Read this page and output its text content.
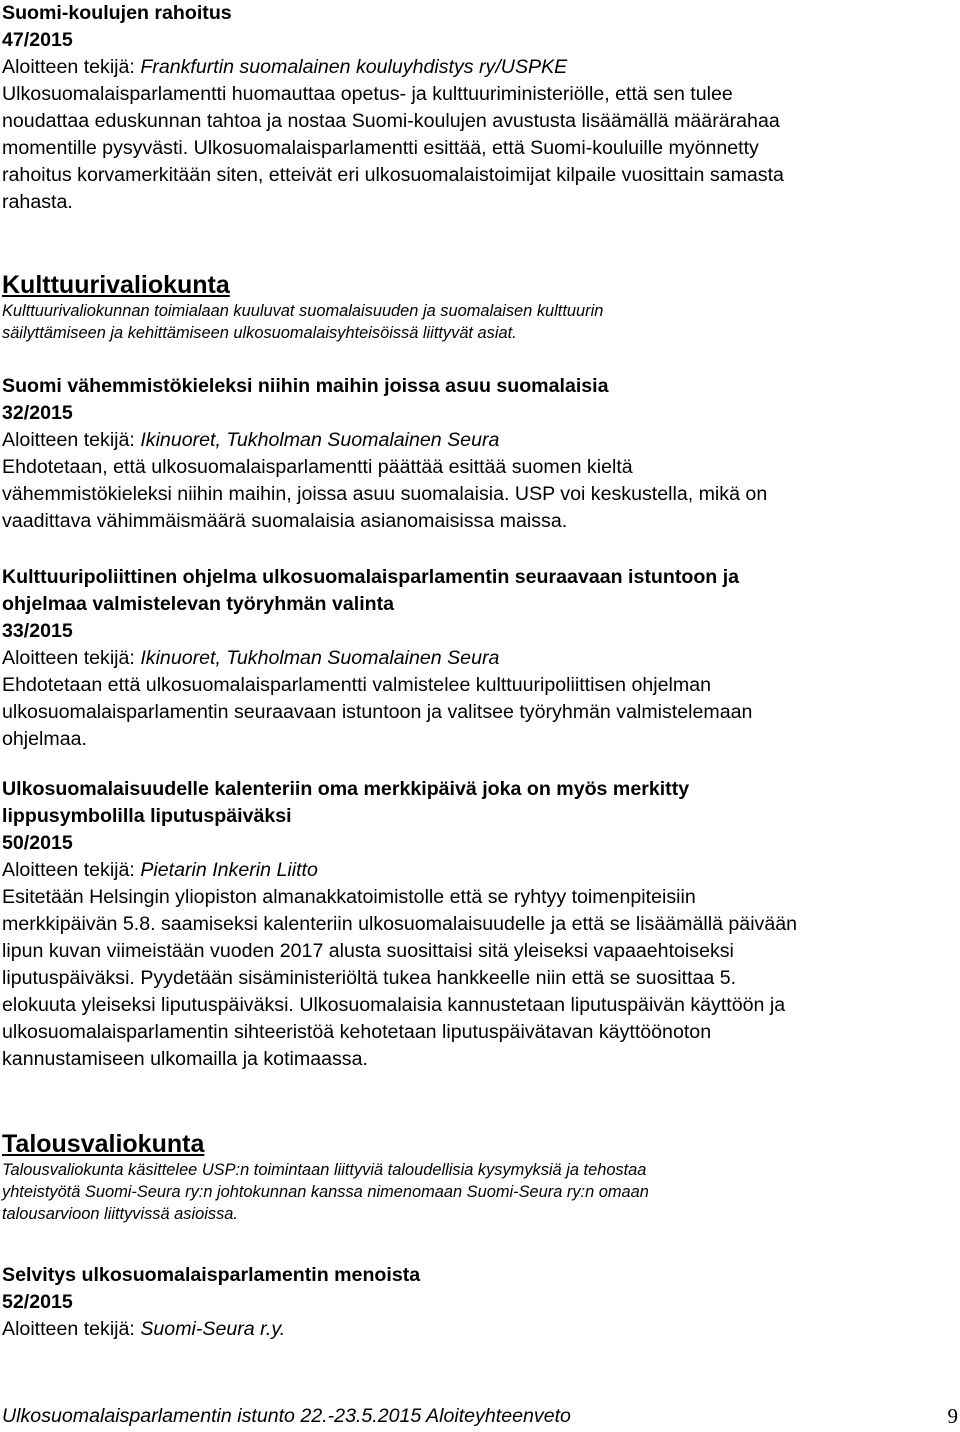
Suomi-koulujen rahoitus
47/2015
Aloitteen tekijä: Frankfurtin suomalainen kouluyhdistys ry/USPKE
Ulkosuomalaisparlamentti huomauttaa opetus- ja kulttuuriministeriölle, että sen tulee
noudattaa eduskunnan tahtoa ja nostaa Suomi-koulujen avustusta lisäämällä määrärahaa
momentille pysyvästi. Ulkosuomalaisparlamentti esittää, että Suomi-kouluille myönnetty
rahoitus korvamerkitään siten, etteivät eri ulkosuomalaistoimijat kilpaile vuosittain samasta
rahasta.
Kulttuurivaliokunta
Kulttuurivaliokunnan toimialaan kuuluvat suomalaisuuden ja suomalaisen kulttuurin
säilyttämiseen ja kehittämiseen ulkosuomalaisyhteisöissä liittyvät asiat.
Suomi vähemmistökieleksi niihin maihin joissa asuu suomalaisia
32/2015
Aloitteen tekijä: Ikinuoret, Tukholman Suomalainen Seura
Ehdotetaan, että ulkosuomalaisparlamentti päättää esittää suomen kieltä
vähemmistökieleksi niihin maihin, joissa asuu suomalaisia. USP voi keskustella, mikä on
vaadittava vähimmäismäärä suomalaisia asianomaisissa maissa.
Kulttuuripoliittinen ohjelma ulkosuomalaisparlamentin seuraavaan istuntoon ja
ohjelmaa valmistelevan työryhmän valinta
33/2015
Aloitteen tekijä: Ikinuoret, Tukholman Suomalainen Seura
Ehdotetaan että ulkosuomalaisparlamentti valmistelee kulttuuripoliittisen ohjelman
ulkosuomalaisparlamentin seuraavaan istuntoon ja valitsee työryhmän valmistelemaan
ohjelmaa.
Ulkosuomalaisuudelle kalenteriin oma merkkipäivä joka on myös merkitty
lippusymbolilla liputuspäiväksi
50/2015
Aloitteen tekijä: Pietarin Inkerin Liitto
Esitetään Helsingin yliopiston almanakkatoimistolle että se ryhtyy toimenpiteisiin
merkkipäivän 5.8. saamiseksi kalenteriin ulkosuomalaisuudelle ja että se lisäämällä päivään
lipun kuvan viimeistään vuoden 2017 alusta suosittaisi sitä yleiseksi vapaaehtoiseksi
liputuspäiväksi. Pyydetään sisäministeriöltä tukea hankkeelle niin että se suosittaa 5.
elokuuta yleiseksi liputuspäiväksi. Ulkosuomalaisia kannustetaan liputuspäivän käyttöön ja
ulkosuomalaisparlamentin sihteeristöä kehotetaan liputuspäivätavan käyttöönoton
kannustamiseen ulkomailla ja kotimaassa.
Talousvaliokunta
Talousvaliokunta käsittelee USP:n toimintaan liittyviä taloudellisia kysymyksiä ja tehostaa
yhteistyötä Suomi-Seura ry:n johtokunnan kanssa nimenomaan Suomi-Seura ry:n omaan
talousarvioon liittyvissä asioissa.
Selvitys ulkosuomalaisparlamentin menoista
52/2015
Aloitteen tekijä: Suomi-Seura r.y.
Ulkosuomalaisparlamentin istunto 22.-23.5.2015 Aloiteyhteenveto	9
